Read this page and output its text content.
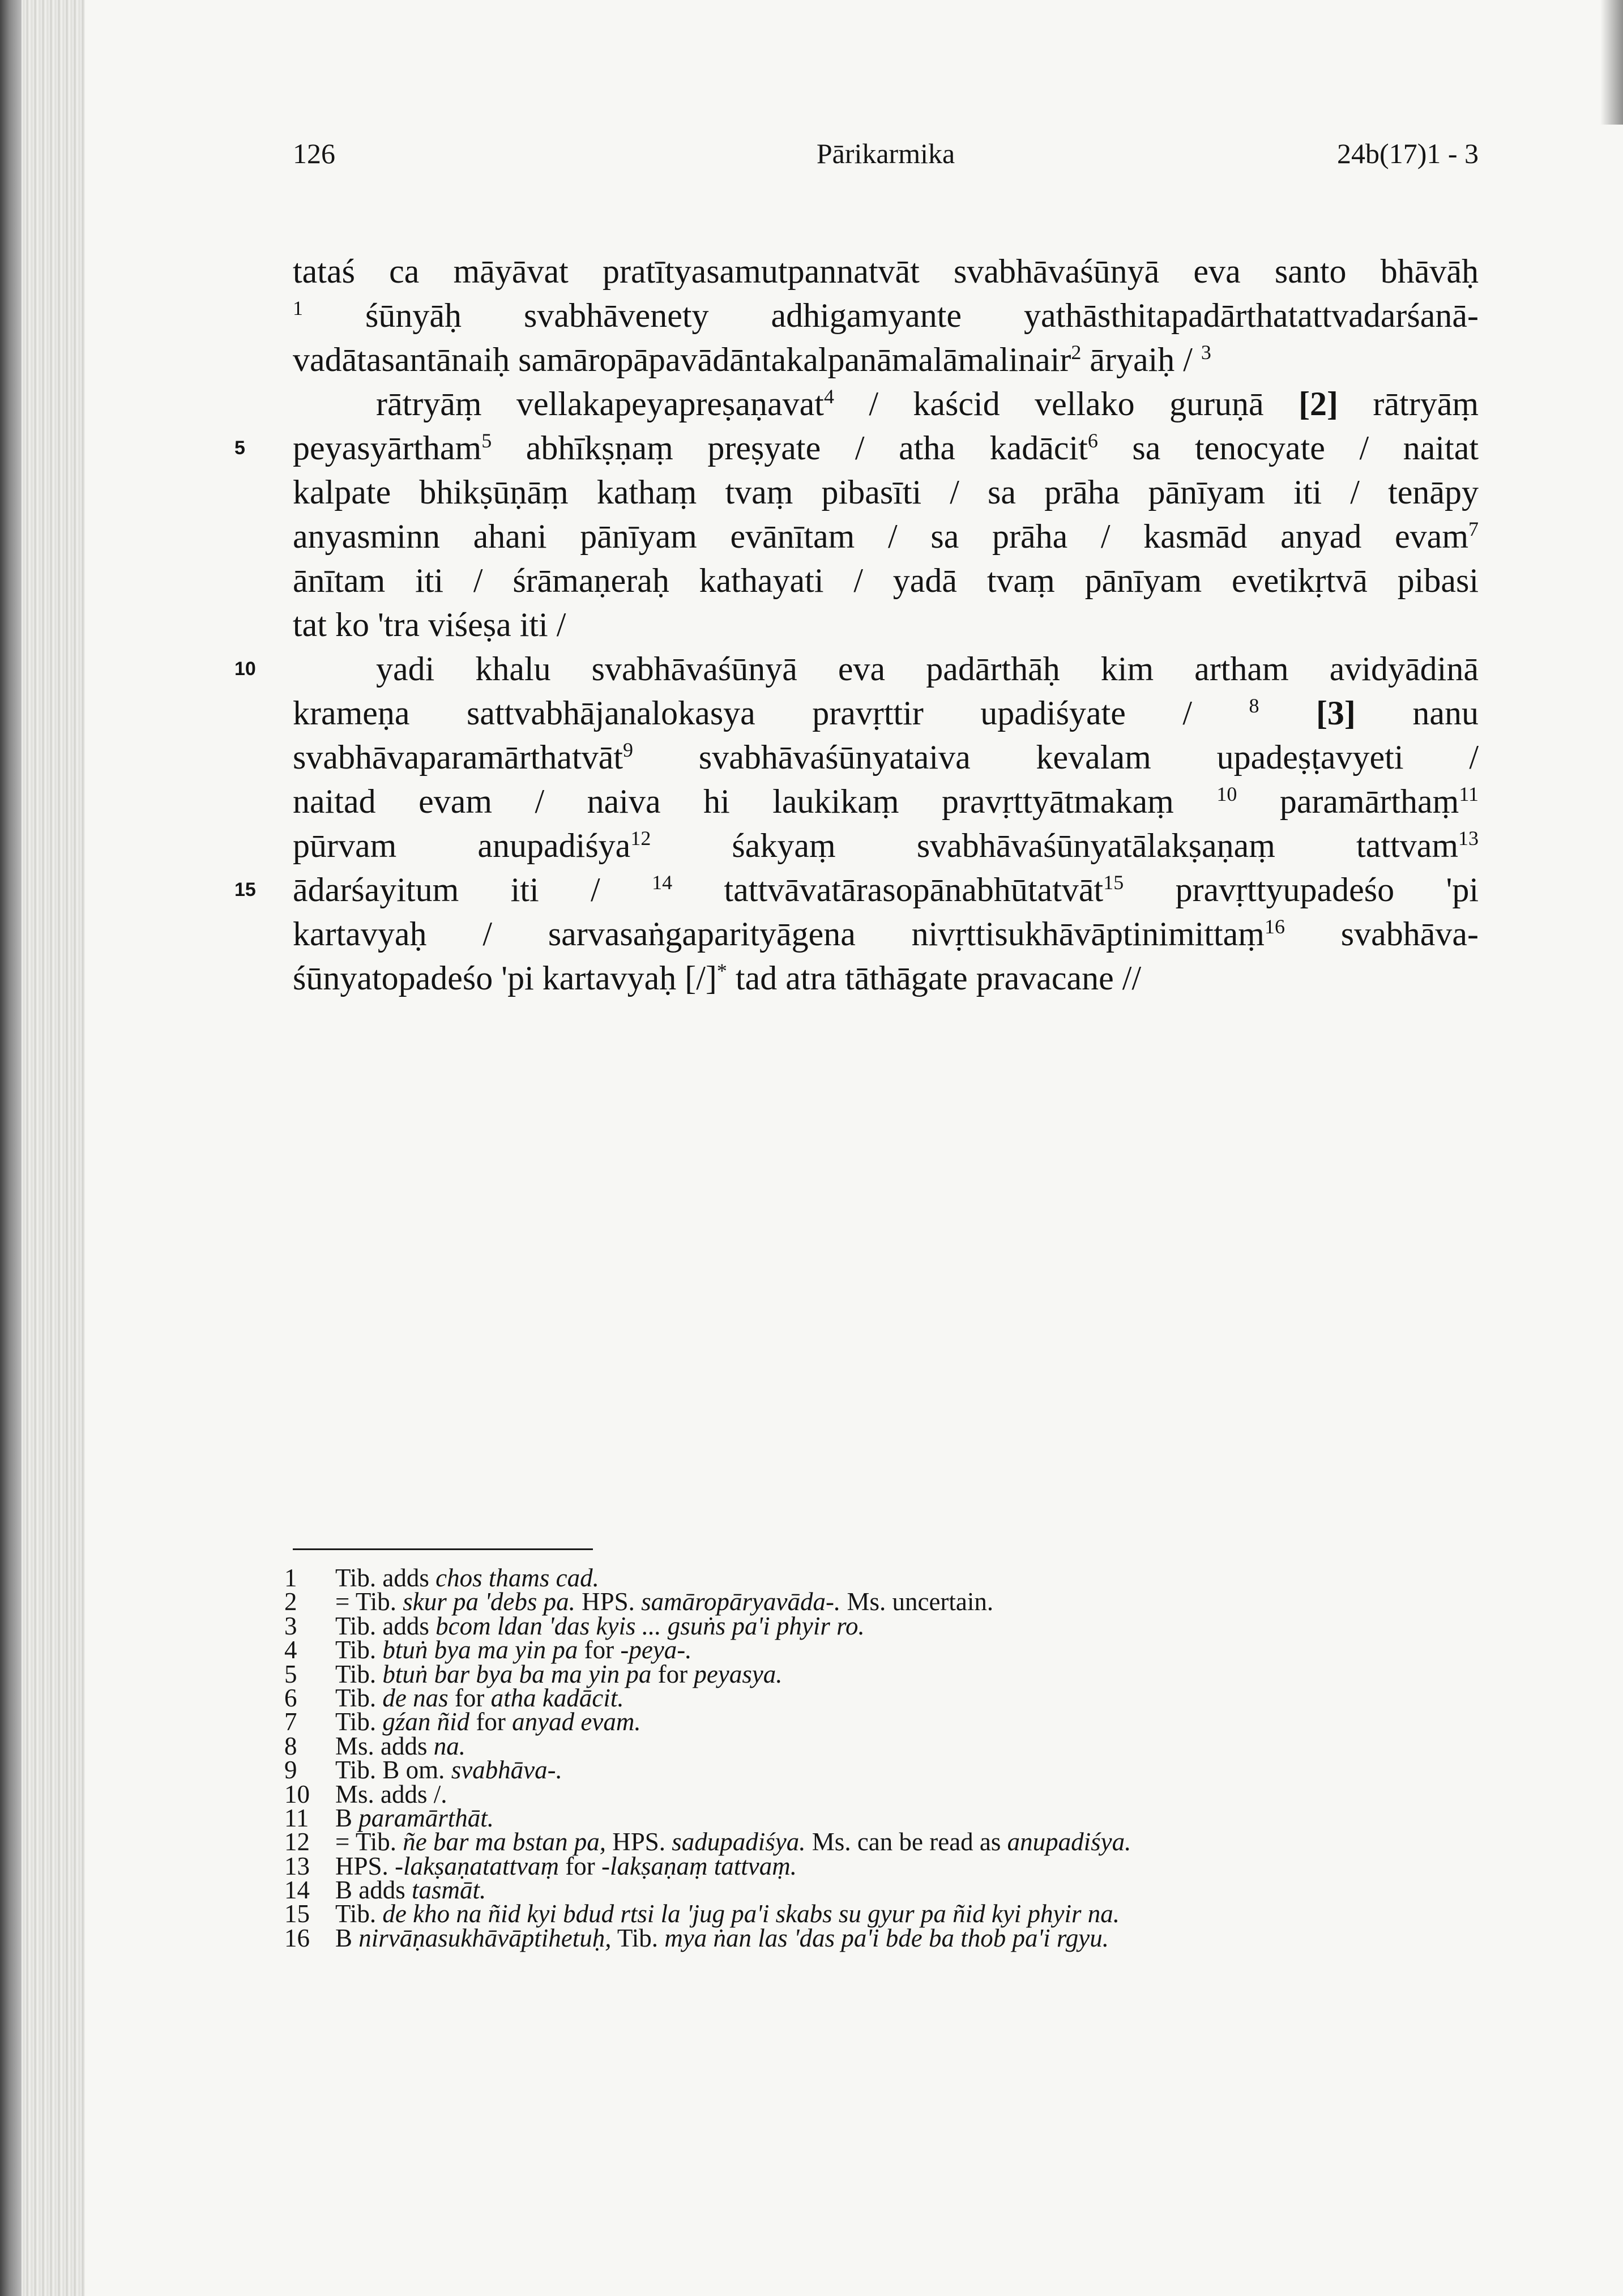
126	Pārikarmika	24b(17)1 - 3
tataś ca māyāvat pratītyasamutpannatvāt svabhāvaśūnyā eva santo bhāvāḥ
$^1$ śūnyāḥ svabhāvenety adhigamyante yathāsthitapadārthatattvadarśanā-
vadātasantānaiḥ samāropāpavādāntakalpanāmalāmalinair$^2$ āryaiḥ / $^3$
rātryāṃ vellakapeyapreṣaṇavat$^4$ / kaścid vellako guruṇā [2] rātryāṃ
5 peyasyārtham$^5$ abhīkṣṇaṃ preṣyate / atha kadācit$^6$ sa tenocyate / naitat
kalpate bhikṣūṇāṃ kathaṃ tvaṃ pibasīti / sa prāha pānīyam iti / tenāpy
anyasminn ahani pānīyam evānītam / sa prāha / kasmād anyad evam$^7$
ānītam iti / śrāmaṇeraḥ kathayati / yadā tvaṃ pānīyam evetikṛtvā pibasi
tat ko 'tra viśeṣa iti /
10	yadi khalu svabhāvaśūnyā eva padārthāḥ kim artham avidyādinā
krameṇa sattvabhājanalokasya pravṛttir upadiśyate / $^8$ [3] nanu
svabhāvaparamārthatvāt$^9$ svabhāvaśūnyataiva kevalam upadeṣṭavyeti /
naitad evam / naiva hi laukikaṃ pravṛttyātmakaṃ $^{10}$ paramārthaṃ$^{11}$
pūrvam anupadiśya$^{12}$ śakyaṃ svabhāvaśūnyatālakṣaṇaṃ tattvam$^{13}$
15 ādarśayitum iti / $^{14}$ tattvāvatārasopānabhūtatvāt$^{15}$ pravṛttyupadeśo 'pi
kartavyaḥ / sarvasaṅgaparityāgena nivṛttisukhāvāptinimittaṃ$^{16}$ svabhāva-
śūnyatopadeśo 'pi kartavyaḥ [/]* tad atra tāthāgate pravacane //
1 Tib. adds chos thams cad.
2 = Tib. skur pa 'debs pa. HPS. samāropāryavāda-. Ms. uncertain.
3 Tib. adds bcom ldan 'das kyis ... gsuṅs pa'i phyir ro.
4 Tib. btuṅ bya ma yin pa for -peya-.
5 Tib. btuṅ bar bya ba ma yin pa for peyasya.
6 Tib. de nas for atha kadācit.
7 Tib. gźan ñid for anyad evam.
8 Ms. adds na.
9 Tib. B om. svabhāva-.
10 Ms. adds /.
11 B paramārthāt.
12 = Tib. ñe bar ma bstan pa, HPS. sadupadiśya. Ms. can be read as anupadiśya.
13 HPS. -lakṣaṇatattvaṃ for -lakṣaṇaṃ tattvaṃ.
14 B adds tasmāt.
15 Tib. de kho na ñid kyi bdud rtsi la 'jug pa'i skabs su gyur pa ñid kyi phyir na.
16 B nirvāṇasukhāvāptihetuḥ, Tib. mya ṅan las 'das pa'i bde ba thob pa'i rgyu.
